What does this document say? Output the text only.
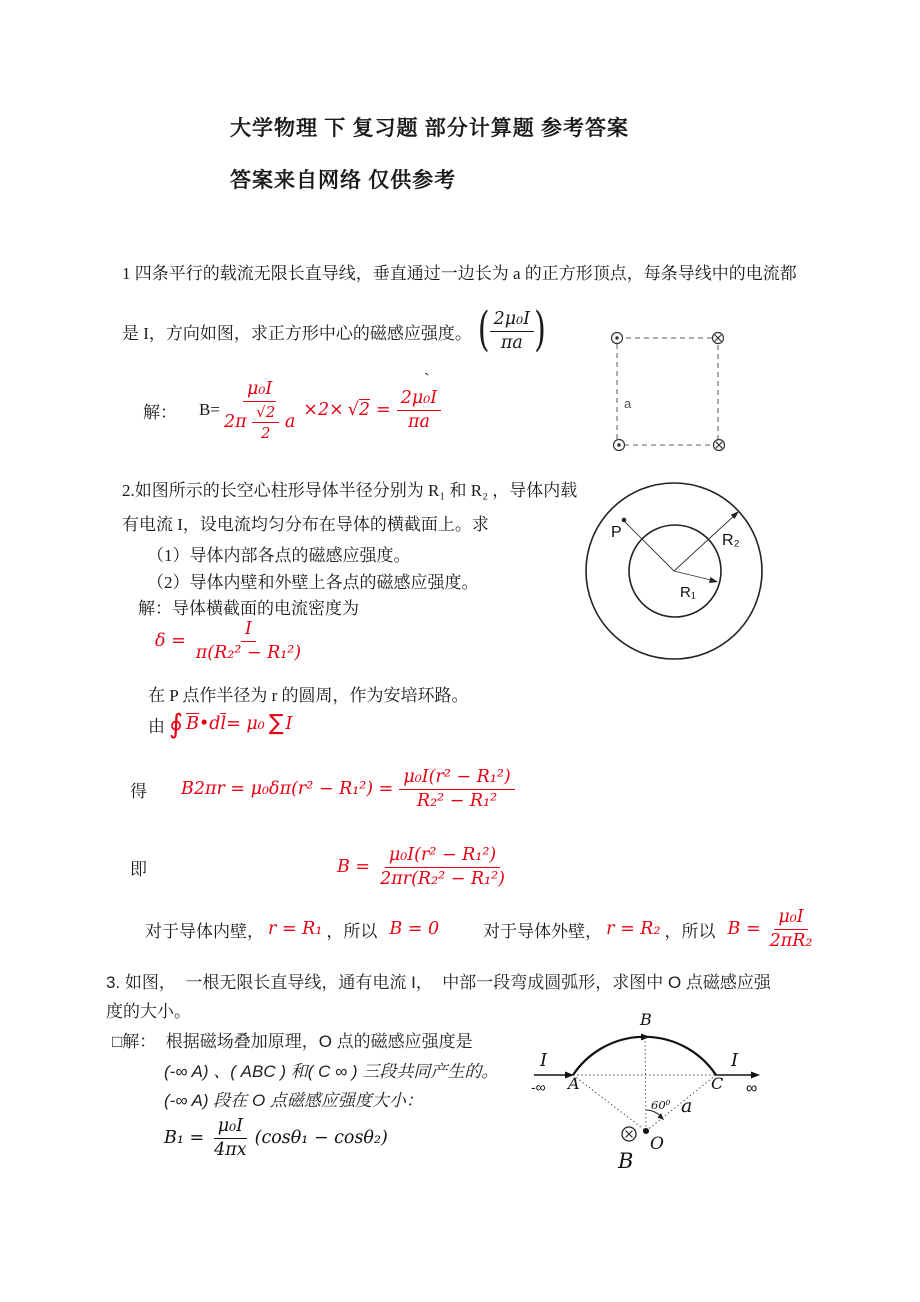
大学物理 下 复习题 部分计算题 参考答案
答案来自网络 仅供参考
1 四条平行的载流无限长直导线，垂直通过一边长为 a 的正方形顶点，每条导线中的电流都
是 I，方向如图，求正方形中心的磁感应强度。 ( $\frac{\text{2μ₀I}}{\pi a}$ )
解： B=
μ₀I
$2\pi \frac{√2}{2}$ a
×2× √ $2 = \frac{\text{2μ₀I}}{\pi a}$
`
a
2.如图所示的长空心柱形导体半径分别为 R₁ 和 R₂ ，导体内载
有电流 I，设电流均匀分布在导体的横截面上。求
（1）导体内部各点的磁感应强度。
（2）导体内壁和外壁上各点的磁感应强度。
解：导体横截面的电流密度为
P	R₂
R₁
$\delta = \frac{I}{\text{π(R₂² − R₁²)}}$
在 P 点作半径为 r 的圆周，作为安培环路。
由 ∮ $\overline{B}$ • d $\overline{l} = \mu_0$ ∑ I
得 $B2\pi r = \mu_0\delta\pi(r^2 - R_1^2) = \frac{\text{μ₀I(r² − R₁²)}}{\text{R₂² − R₁²}}$
即	$B = \frac{\text{μ₀I(r² − R₁²)}}{\text{2πr(R₂² − R₁²)}}$
对于导体内壁， r = R₁ ，所以 B = 0	对于导体外壁， r = R₂ ，所以 $B = \frac{\text{μ₀I}}{\text{2πR₂}}$
3. 如图，  一根无限长直导线，通有电流 I，  中部一段弯成圆弧形，求图中 O 点磁感应强
度的大小。
□解：  根据磁场叠加原理，O 点的磁感应强度是
(-∞ A) 、( ABC ) 和( C ∞ ) 三段共同产生的。
(-∞ A) 段在 O 点磁感应强度大小：
$B_1 = \frac{\text{μ₀I}}{4\pi x} (\cos\theta_1 - \cos\theta_2)$
B
A	C
I	I
60⁰ a
O
B
-∞	∞
